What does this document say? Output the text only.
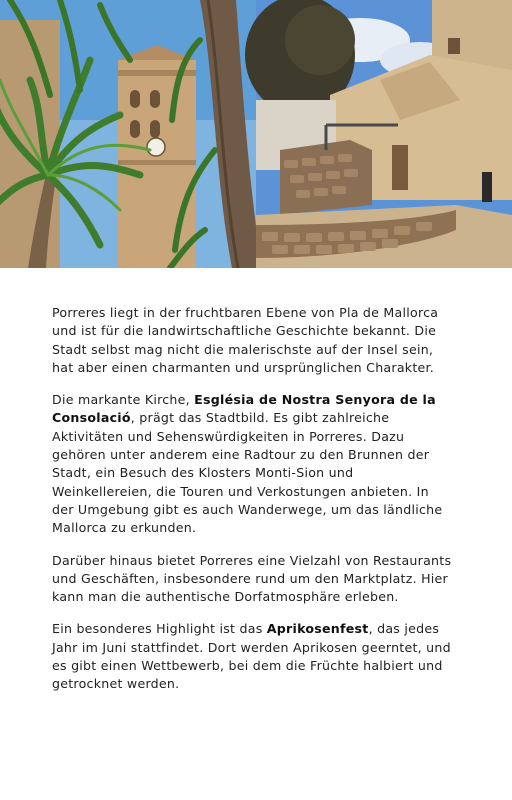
Porreres liegt in der fruchtbaren Ebene von Pla de Mallorca und ist für die landwirtschaftliche Geschichte bekannt. Die Stadt selbst mag nicht die malerischste auf der Insel sein, hat aber einen charmanten und ursprünglichen Charakter.

Die markante Kirche, Església de Nostra Senyora de la Consolació, prägt das Stadtbild. Es gibt zahlreiche Aktivitäten und Sehenswürdigkeiten in Porreres. Dazu gehören unter anderem eine Radtour zu den Brunnen der Stadt, ein Besuch des Klosters Monti-Sion und Weinkellereien, die Touren und Verkostungen anbieten. In der Umgebung gibt es auch Wanderwege, um das ländliche Mallorca zu erkunden.

Darüber hinaus bietet Porreres eine Vielzahl von Restaurants und Geschäften, insbesondere rund um den Marktplatz. Hier kann man die authentische Dorfatmosphäre erleben.

Ein besonderes Highlight ist das Aprikosenfest, das jedes Jahr im Juni stattfindet. Dort werden Aprikosen geerntet, und es gibt einen Wettbewerb, bei dem die Früchte halbiert und getrocknet werden.
